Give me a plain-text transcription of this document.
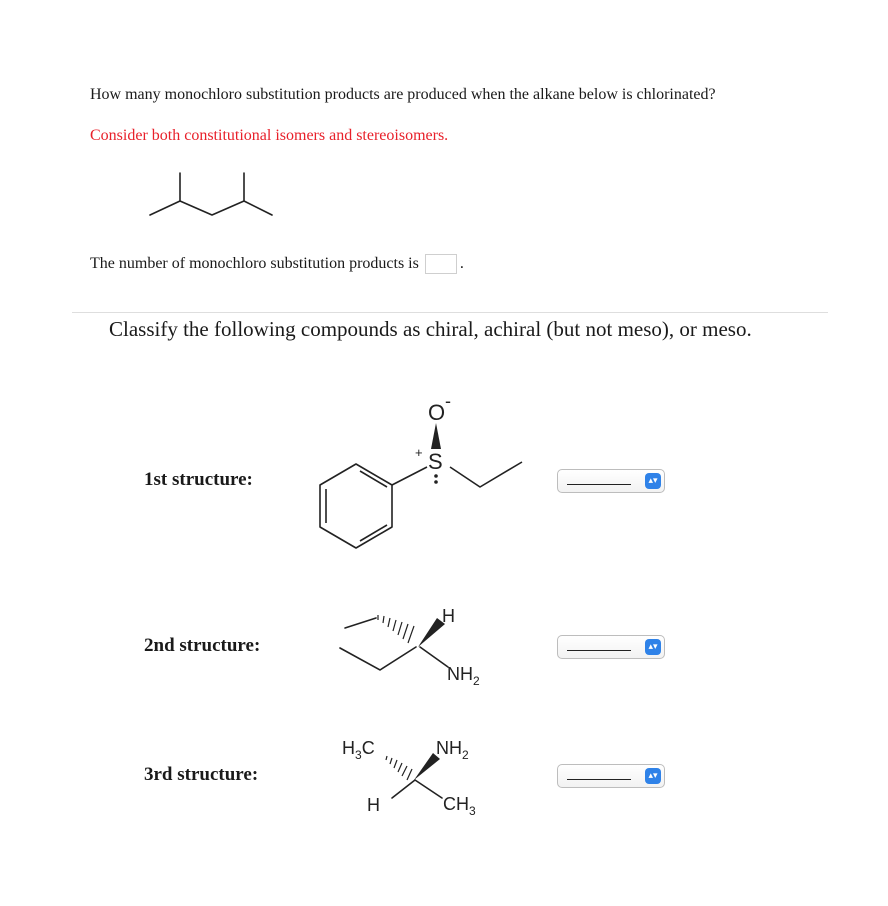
How many monochloro substitution products are produced when the alkane below is chlorinated?
Consider both constitutional isomers and stereoisomers.
The number of monochloro substitution products is	.
Classify the following compounds as chiral, achiral (but not meso), or meso.
1st structure:
O -
S
+
▴▾
2nd structure:
H
$NH_2$
▴▾
3rd structure:
$H_3C$	$NH_2$
H	$CH_3$
▴▾
